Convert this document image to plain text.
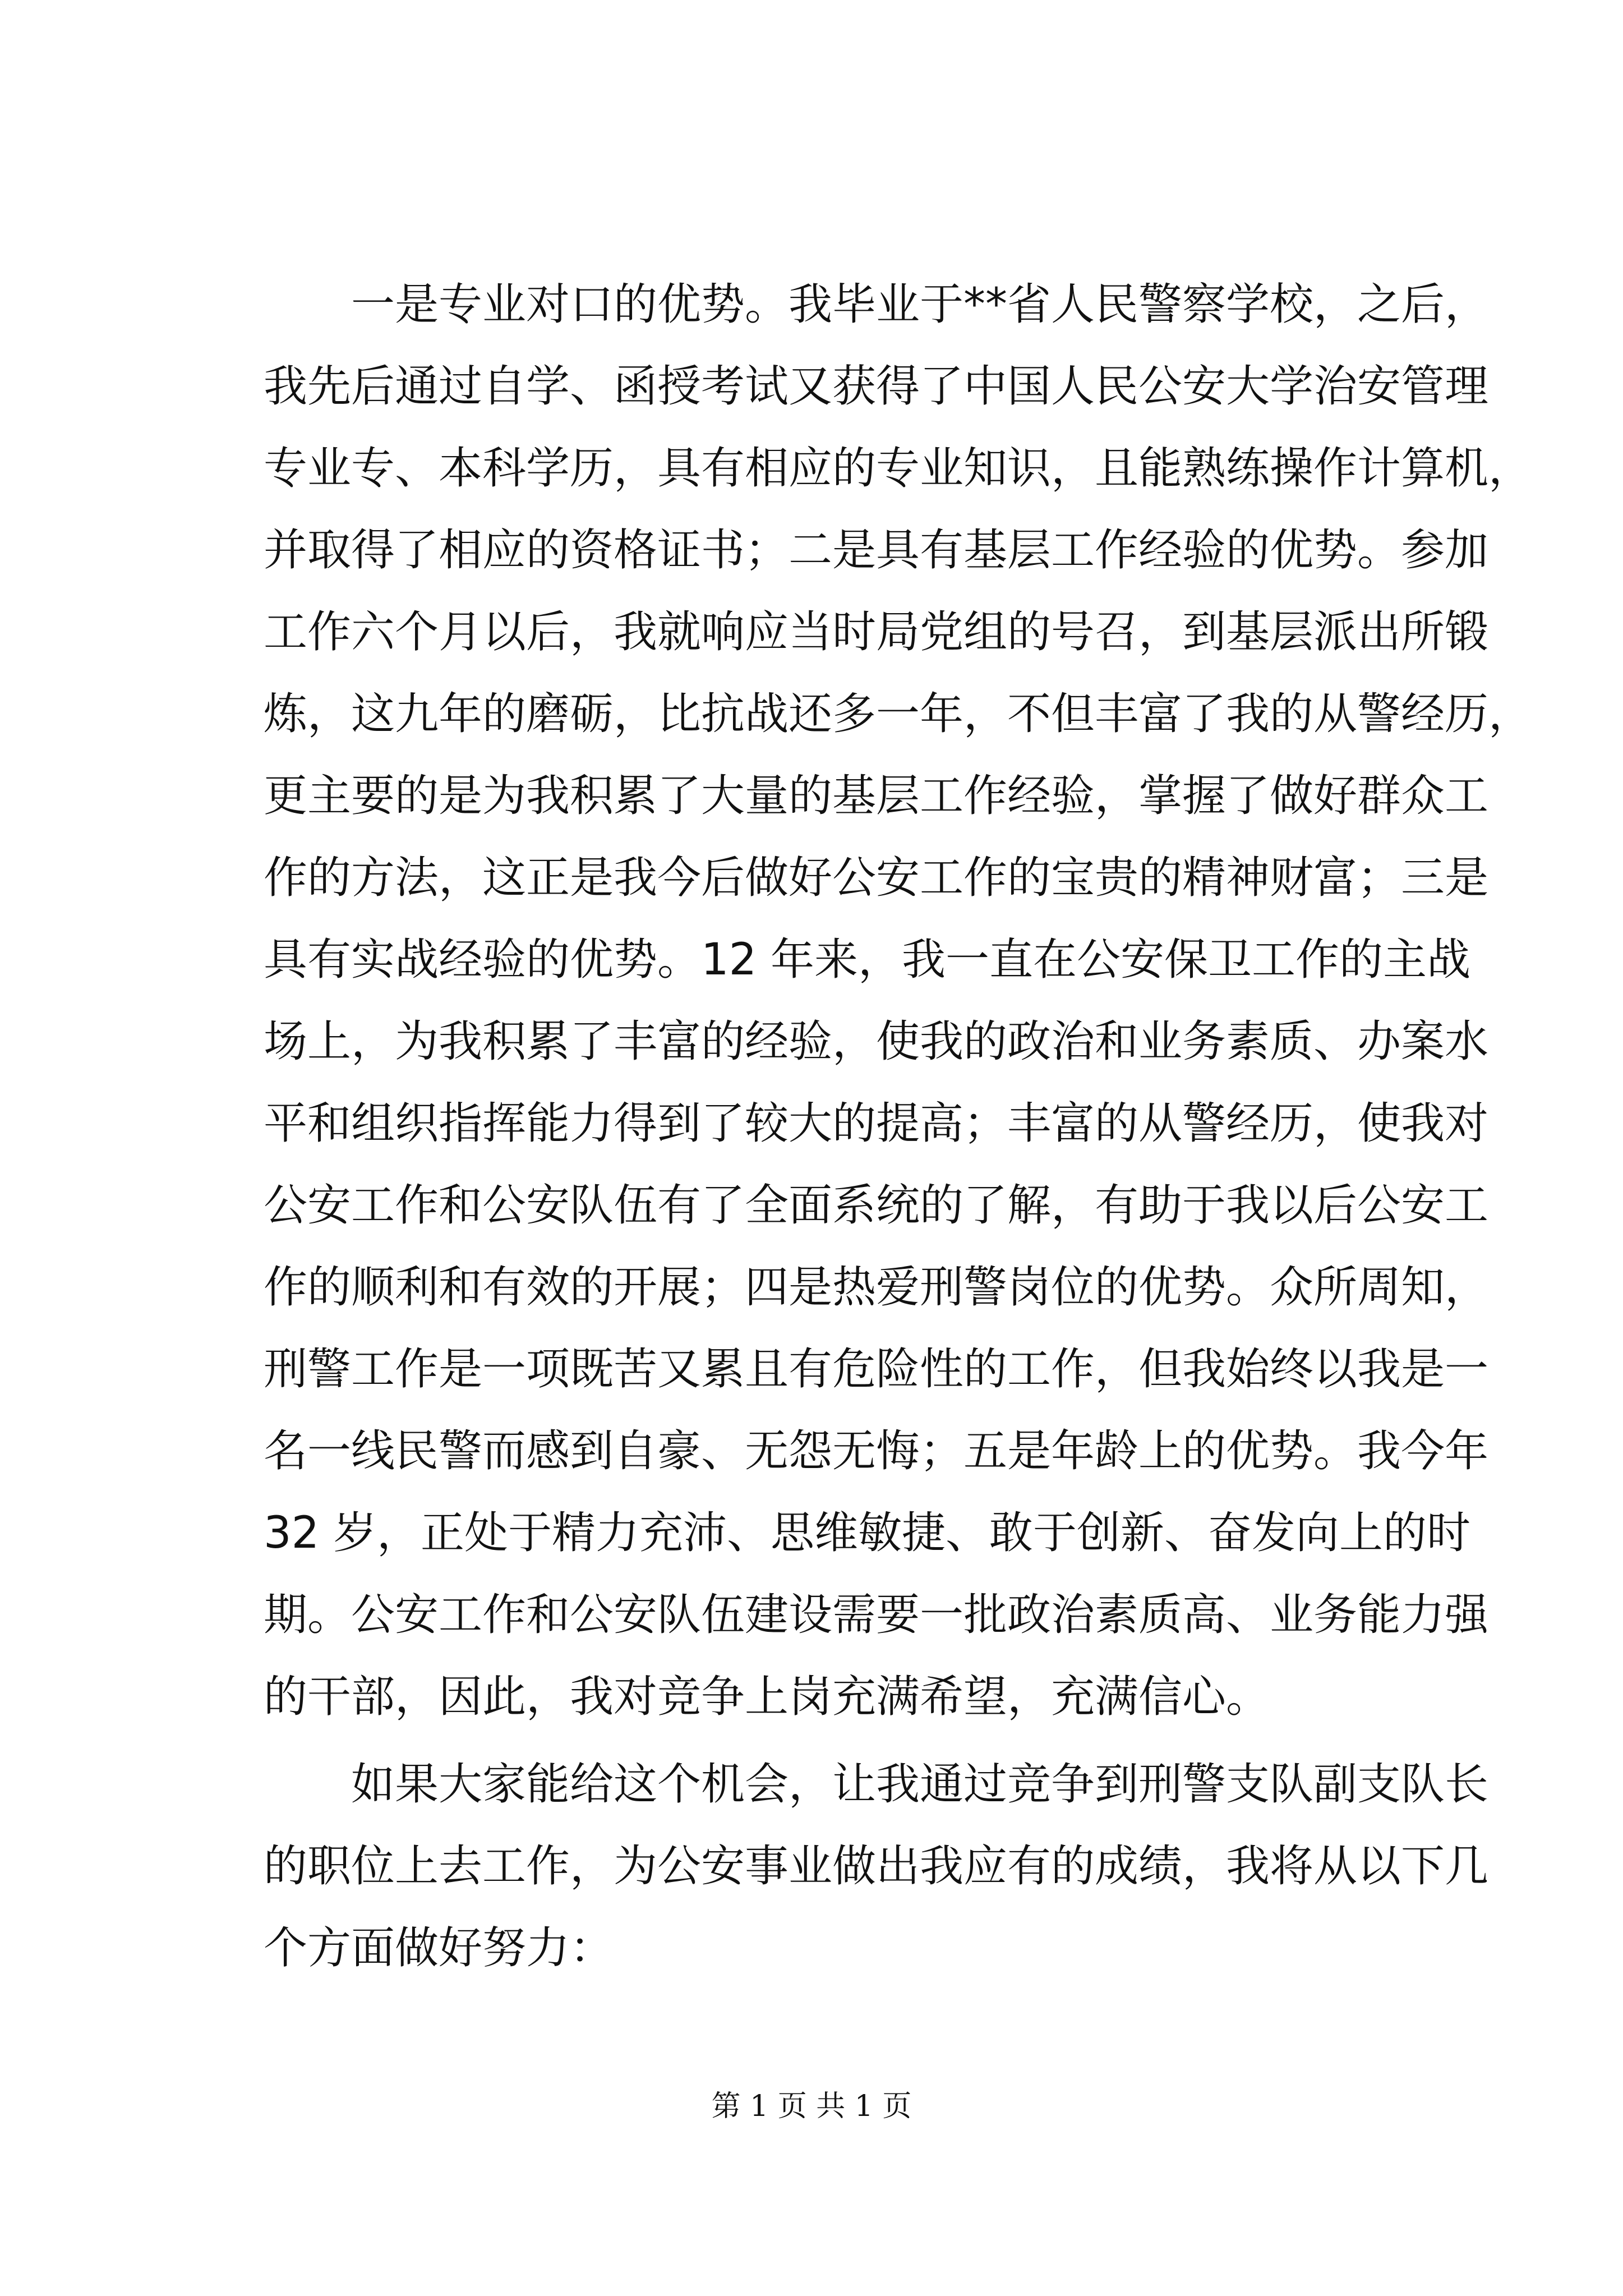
一是专业对口的优势。我毕业于**省人民警察学校，之后，
我先后通过自学、函授考试又获得了中国人民公安大学治安管理
专业专、本科学历，具有相应的专业知识，且能熟练操作计算机，
并取得了相应的资格证书；二是具有基层工作经验的优势。参加
工作六个月以后，我就响应当时局党组的号召，到基层派出所锻
炼，这九年的磨砺，比抗战还多一年，不但丰富了我的从警经历，
更主要的是为我积累了大量的基层工作经验，掌握了做好群众工
作的方法，这正是我今后做好公安工作的宝贵的精神财富；三是
具有实战经验的优势。12 年来，我一直在公安保卫工作的主战
场上，为我积累了丰富的经验，使我的政治和业务素质、办案水
平和组织指挥能力得到了较大的提高；丰富的从警经历，使我对
公安工作和公安队伍有了全面系统的了解，有助于我以后公安工
作的顺利和有效的开展；四是热爱刑警岗位的优势。众所周知，
刑警工作是一项既苦又累且有危险性的工作，但我始终以我是一
名一线民警而感到自豪、无怨无悔；五是年龄上的优势。我今年
32 岁，正处于精力充沛、思维敏捷、敢于创新、奋发向上的时
期。公安工作和公安队伍建设需要一批政治素质高、业务能力强
的干部，因此，我对竞争上岗充满希望，充满信心。
如果大家能给这个机会，让我通过竞争到刑警支队副支队长
的职位上去工作，为公安事业做出我应有的成绩，我将从以下几
个方面做好努力：
第 1 页 共 1 页
